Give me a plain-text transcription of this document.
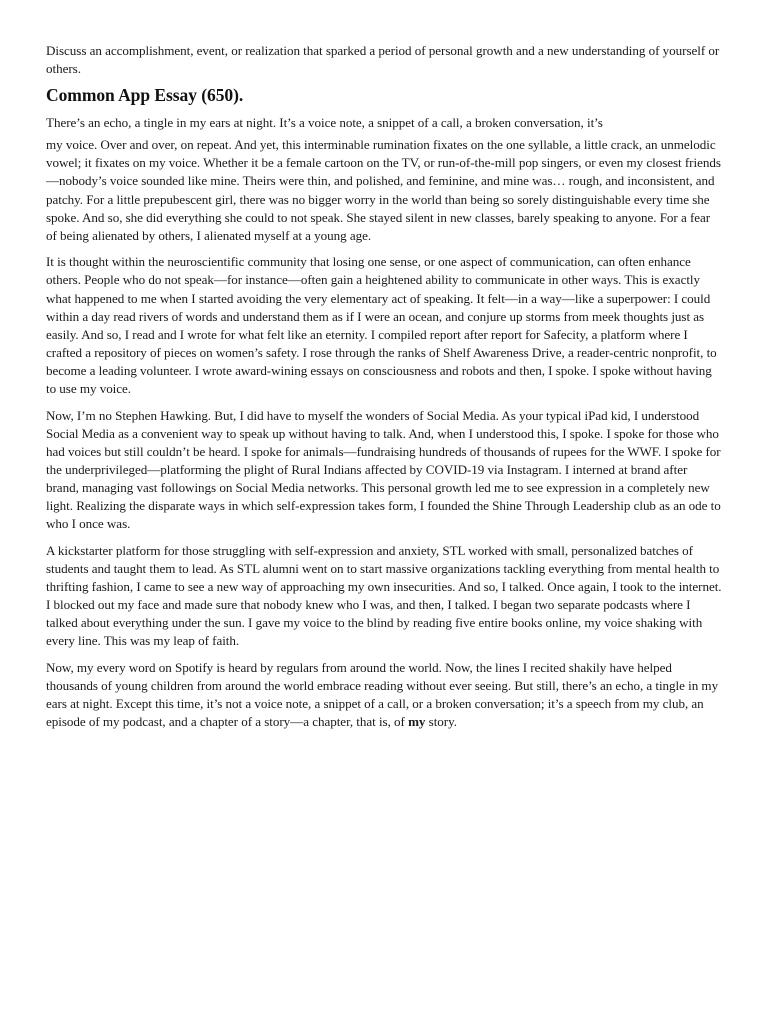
Discuss an accomplishment, event, or realization that sparked a period of personal growth and a new understanding of yourself or others.

Common App Essay (650).

There’s an echo, a tingle in my ears at night. It’s a voice note, a snippet of a call, a broken conversation, it’s

my voice. Over and over, on repeat. And yet, this interminable rumination fixates on the one syllable, a little crack, an unmelodic vowel; it fixates on my voice. Whether it be a female cartoon on the TV, or run-of-the-mill pop singers, or even my closest friends—nobody’s voice sounded like mine. Theirs were thin, and polished, and feminine, and mine was… rough, and inconsistent, and patchy. For a little prepubescent girl, there was no bigger worry in the world than being so sorely distinguishable every time she spoke. And so, she did everything she could to not speak. She stayed silent in new classes, barely speaking to anyone. For a fear of being alienated by others, I alienated myself at a young age.

It is thought within the neuroscientific community that losing one sense, or one aspect of communication, can often enhance others. People who do not speak—for instance—often gain a heightened ability to communicate in other ways. This is exactly what happened to me when I started avoiding the very elementary act of speaking. It felt—in a way—like a superpower: I could within a day read rivers of words and understand them as if I were an ocean, and conjure up storms from meek thoughts just as easily. And so, I read and I wrote for what felt like an eternity. I compiled report after report for Safecity, a platform where I crafted a repository of pieces on women’s safety. I rose through the ranks of Shelf Awareness Drive, a reader-centric nonprofit, to become a leading volunteer. I wrote award-wining essays on consciousness and robots and then, I spoke. I spoke without having to use my voice.

Now, I’m no Stephen Hawking. But, I did have to myself the wonders of Social Media. As your typical iPad kid, I understood Social Media as a convenient way to speak up without having to talk. And, when I understood this, I spoke. I spoke for those who had voices but still couldn’t be heard. I spoke for animals—fundraising hundreds of thousands of rupees for the WWF. I spoke for the underprivileged—platforming the plight of Rural Indians affected by COVID-19 via Instagram. I interned at brand after brand, managing vast followings on Social Media networks. This personal growth led me to see expression in a completely new light. Realizing the disparate ways in which self-expression takes form, I founded the Shine Through Leadership club as an ode to who I once was.

A kickstarter platform for those struggling with self-expression and anxiety, STL worked with small, personalized batches of students and taught them to lead. As STL alumni went on to start massive organizations tackling everything from mental health to thrifting fashion, I came to see a new way of approaching my own insecurities. And so, I talked. Once again, I took to the internet. I blocked out my face and made sure that nobody knew who I was, and then, I talked. I began two separate podcasts where I talked about everything under the sun. I gave my voice to the blind by reading five entire books online, my voice shaking with every line. This was my leap of faith.

Now, my every word on Spotify is heard by regulars from around the world. Now, the lines I recited shakily have helped thousands of young children from around the world embrace reading without ever seeing. But still, there’s an echo, a tingle in my ears at night. Except this time, it’s not a voice note, a snippet of a call, or a broken conversation; it’s a speech from my club, an episode of my podcast, and a chapter of a story—a chapter, that is, of my story.
